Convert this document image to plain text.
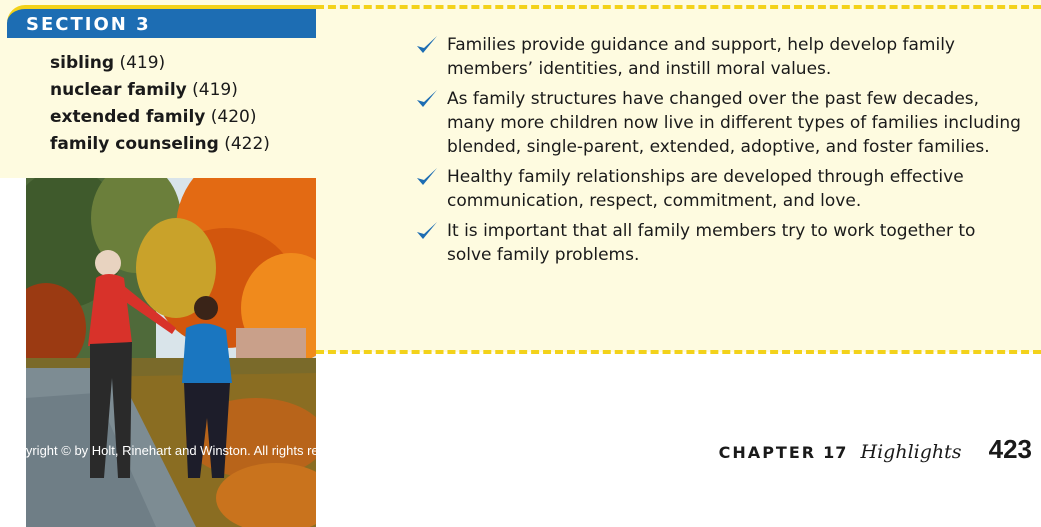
SECTION 3
sibling (419)
nuclear family (419)
extended family (420)
family counseling (422)
Families provide guidance and support, help develop family members’ identities, and instill moral values.
As family structures have changed over the past few decades, many more children now live in different types of families including blended, single-parent, extended, adoptive, and foster families.
Healthy family relationships are developed through effective communication, respect, commitment, and love.
It is important that all family members try to work together to solve family problems.
Copyright © by Holt, Rinehart and Winston. All rights reserved.	CHAPTER 17 Highlights 423
